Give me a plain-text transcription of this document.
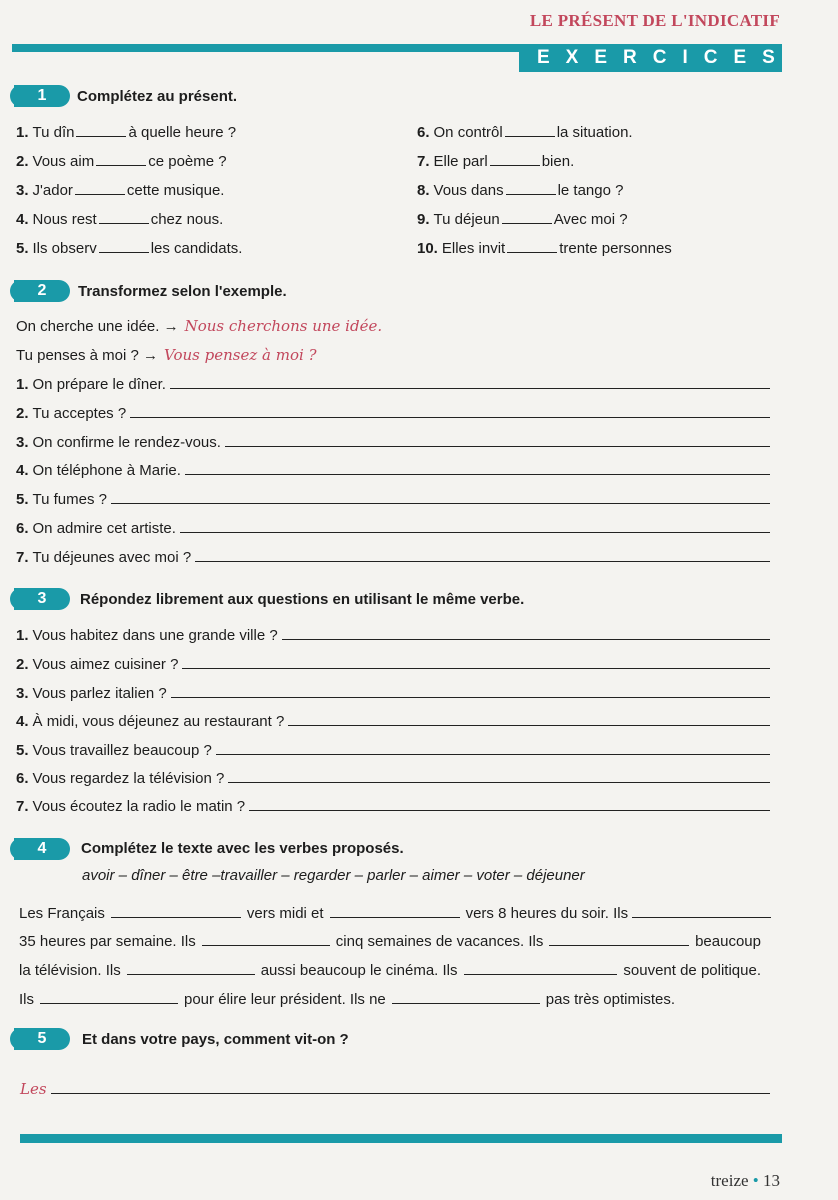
LE PRÉSENT DE L'INDICATIF
EXERCICES
1	Complétez au présent.
1. Tu dîn	à quelle heure ?
2. Vous aim	ce poème ?
3. J'ador	cette musique.
4. Nous rest	chez nous.
5. Ils observ	les candidats.
6. On contrôl	la situation.
7. Elle parl	bien.
8. Vous dans	le tango ?
9. Tu déjeun	Avec moi ?
10. Elles invit	trente personnes
2	Transformez selon l'exemple.
On cherche une idée. → Nous cherchons une idée.
Tu penses à moi ? → Vous pensez à moi ?
1. On prépare le dîner.
2. Tu acceptes ?
3. On confirme le rendez-vous.
4. On téléphone à Marie.
5. Tu fumes ?
6. On admire cet artiste.
7. Tu déjeunes avec moi ?
3	Répondez librement aux questions en utilisant le même verbe.
1. Vous habitez dans une grande ville ?
2. Vous aimez cuisiner ?
3. Vous parlez italien ?
4. À midi, vous déjeunez au restaurant ?
5. Vous travaillez beaucoup ?
6. Vous regardez la télévision ?
7. Vous écoutez la radio le matin ?
4	Complétez le texte avec les verbes proposés.
avoir – dîner – être –travailler – regarder – parler – aimer – voter – déjeuner
Les Français	vers midi et	vers 8 heures du soir. Ils
35 heures par semaine. Ils	cinq semaines de vacances. Ils	beaucoup
la télévision. Ils	aussi beaucoup le cinéma. Ils	souvent de politique.
Ils	pour élire leur président. Ils ne	pas très optimistes.
5	Et dans votre pays, comment vit-on ?
Les
treize • 13
